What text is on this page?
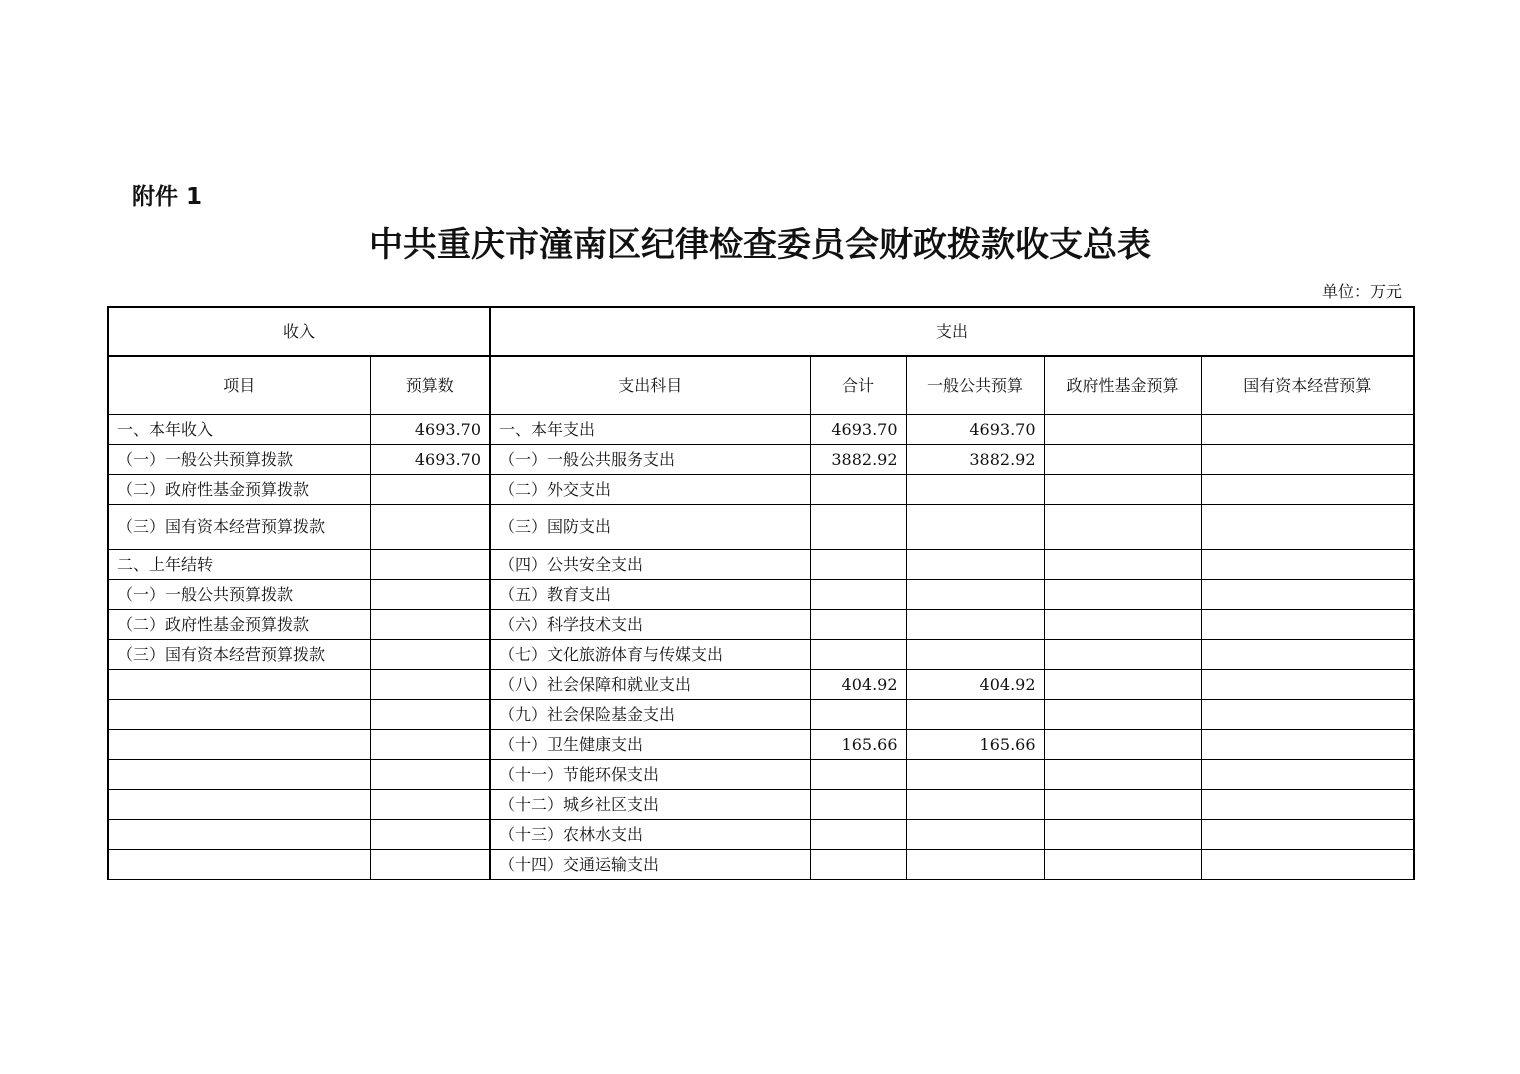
附件 1
中共重庆市潼南区纪律检查委员会财政拨款收支总表
单位：万元
收入		支出				
项目	预算数	支出科目	合计	一般公共预算	政府性基金预算	国有资本经营预算
一、本年收入	4693.70	一、本年支出	4693.70	4693.70		
（一）一般公共预算拨款	4693.70	（一）一般公共服务支出	3882.92	3882.92		
（二）政府性基金预算拨款		（二）外交支出				
（三）国有资本经营预算拨款		（三）国防支出				
二、上年结转		（四）公共安全支出				
（一）一般公共预算拨款		（五）教育支出				
（二）政府性基金预算拨款		（六）科学技术支出				
（三）国有资本经营预算拨款		（七）文化旅游体育与传媒支出				
		（八）社会保障和就业支出	404.92	404.92		
		（九）社会保险基金支出				
		（十）卫生健康支出	165.66	165.66		
		（十一）节能环保支出				
		（十二）城乡社区支出				
		（十三）农林水支出				
		（十四）交通运输支出				
